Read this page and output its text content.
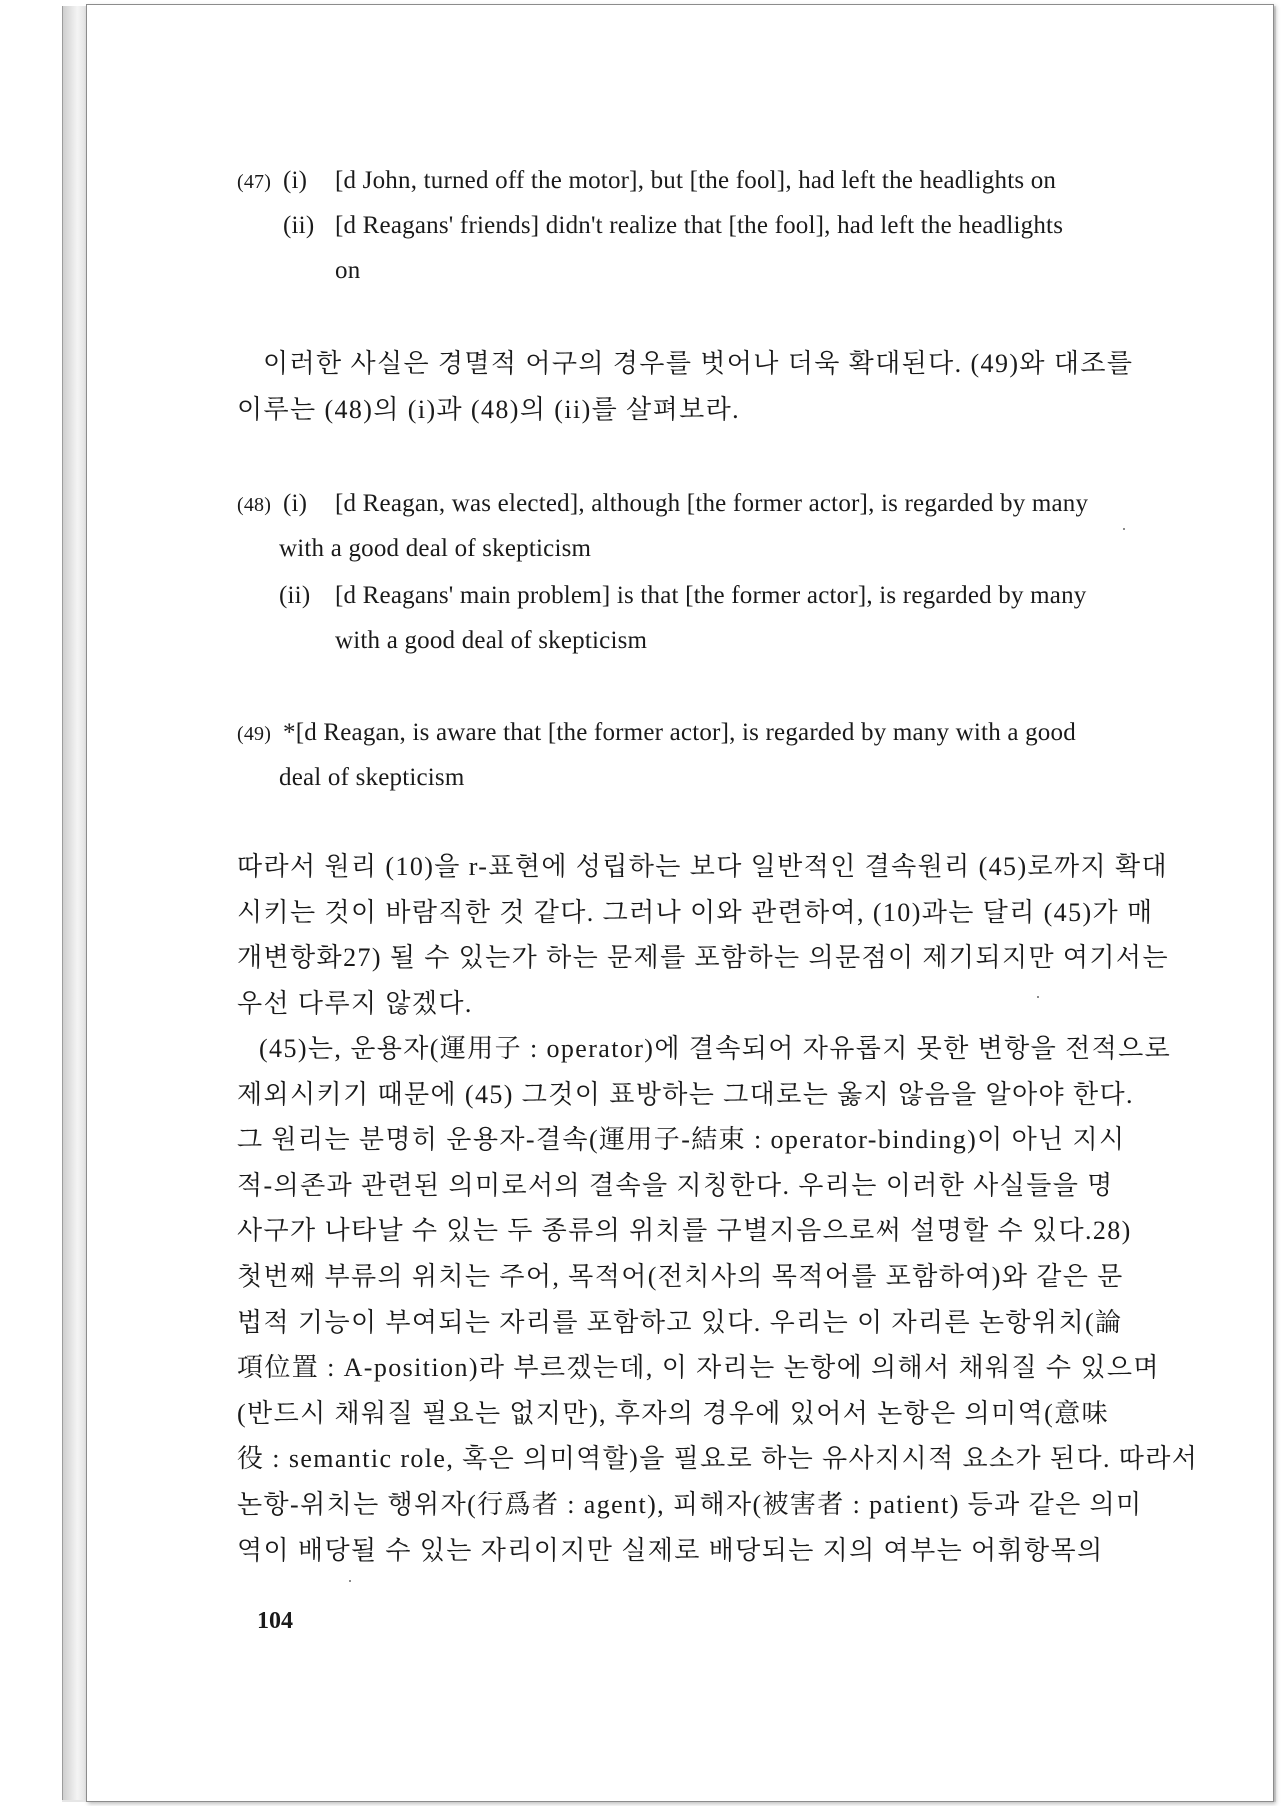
(47) (i) [d John, turned off the motor], but [the fool], had left the headlights on
(ii) [d Reagans' friends] didn't realize that [the fool], had left the headlights
on

이러한 사실은 경멸적 어구의 경우를 벗어나 더욱 확대된다. (49)와 대조를

이루는 (48)의 (i)과 (48)의 (ii)를 살펴보라.

(48) (i) [d Reagan, was elected], although [the former actor], is regarded by many
with a good deal of skepticism
(ii) [d Reagans' main problem] is that [the former actor], is regarded by many
with a good deal of skepticism
(49) *[d Reagan, is aware that [the former actor], is regarded by many with a good
deal of skepticism

따라서 원리 (10)을 r-표현에 성립하는 보다 일반적인 결속원리 (45)로까지 확대

시키는 것이 바람직한 것 같다. 그러나 이와 관련하여, (10)과는 달리 (45)가 매

개변항화27) 될 수 있는가 하는 문제를 포함하는 의문점이 제기되지만 여기서는

우선 다루지 않겠다.

(45)는, 운용자(運用子 : operator)에 결속되어 자유롭지 못한 변항을 전적으로

제외시키기 때문에 (45) 그것이 표방하는 그대로는 옳지 않음을 알아야 한다.

그 원리는 분명히 운용자-결속(運用子-結束 : operator-binding)이 아닌 지시

적-의존과 관련된 의미로서의 결속을 지칭한다. 우리는 이러한 사실들을 명

사구가 나타날 수 있는 두 종류의 위치를 구별지음으로써 설명할 수 있다.28)

첫번째 부류의 위치는 주어, 목적어(전치사의 목적어를 포함하여)와 같은 문

법적 기능이 부여되는 자리를 포함하고 있다. 우리는 이 자리른 논항위치(論

項位置 : A-position)라 부르겠는데, 이 자리는 논항에 의해서 채워질 수 있으며

(반드시 채워질 필요는 없지만), 후자의 경우에 있어서 논항은 의미역(意味

役 : semantic role, 혹은 의미역할)을 필요로 하는 유사지시적 요소가 된다. 따라서

논항-위치는 행위자(行爲者 : agent), 피해자(被害者 : patient) 등과 같은 의미

역이 배당될 수 있는 자리이지만 실제로 배당되는 지의 여부는 어휘항목의

104
